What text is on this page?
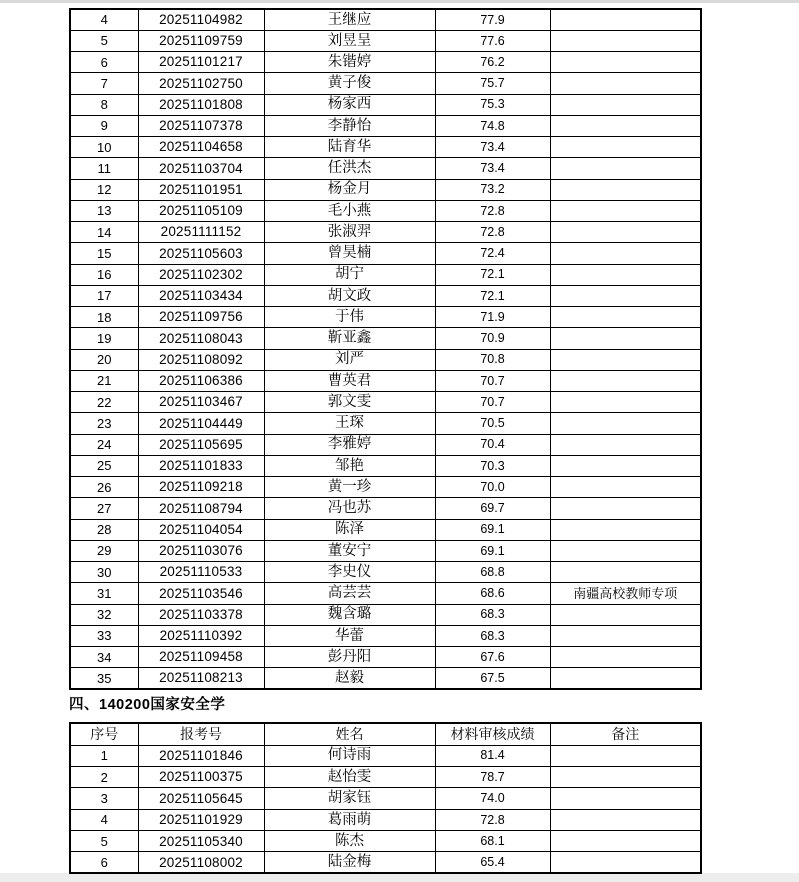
4	20251104982	王继应	77.9	
5	20251109759	刘昱呈	77.6	
6	20251101217	朱锴婷	76.2	
7	20251102750	黄子俊	75.7	
8	20251101808	杨家西	75.3	
9	20251107378	李静怡	74.8	
10	20251104658	陆育华	73.4	
11	20251103704	任洪杰	73.4	
12	20251101951	杨金月	73.2	
13	20251105109	毛小燕	72.8	
14	20251111152	张淑羿	72.8	
15	20251105603	曾昊楠	72.4	
16	20251102302	胡宁	72.1	
17	20251103434	胡文政	72.1	
18	20251109756	于伟	71.9	
19	20251108043	靳亚鑫	70.9	
20	20251108092	刘严	70.8	
21	20251106386	曹英君	70.7	
22	20251103467	郭文雯	70.7	
23	20251104449	王琛	70.5	
24	20251105695	李雅婷	70.4	
25	20251101833	邹艳	70.3	
26	20251109218	黄一珍	70.0	
27	20251108794	冯也苏	69.7	
28	20251104054	陈泽	69.1	
29	20251103076	董安宁	69.1	
30	20251110533	李史仪	68.8	
31	20251103546	高芸芸	68.6	南疆高校教师专项
32	20251103378	魏含璐	68.3	
33	20251110392	华蕾	68.3	
34	20251109458	彭丹阳	67.6	
35	20251108213	赵毅	67.5	
四、140200国家安全学
序号	报考号	姓名	材料审核成绩	备注
1	20251101846	何诗雨	81.4	
2	20251100375	赵怡雯	78.7	
3	20251105645	胡家钰	74.0	
4	20251101929	葛雨萌	72.8	
5	20251105340	陈杰	68.1	
6	20251108002	陆金梅	65.4	
